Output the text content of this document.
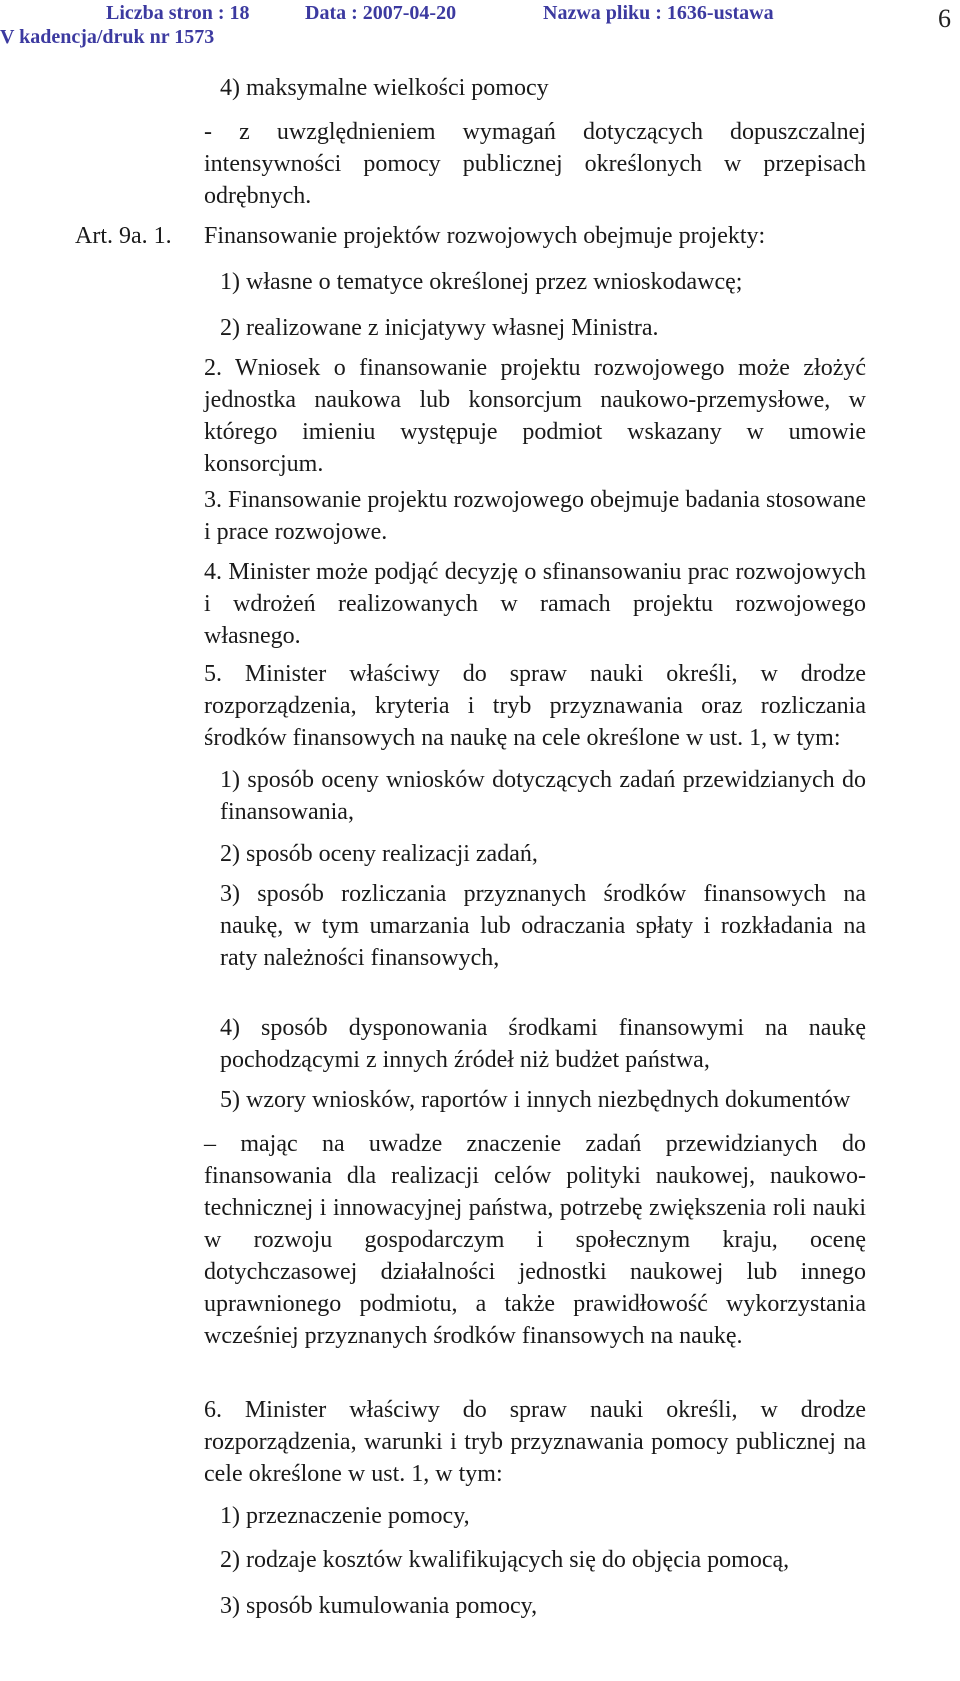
Liczba stron : 18	Data : 2007-04-20	Nazwa pliku : 1636-ustawa
V kadencja/druk nr 1573
6

4) maksymalne wielkości pomocy

- z uwzględnieniem wymagań dotyczących dopuszczalnej intensywności pomocy publicznej określonych w przepisach odrębnych.

Art. 9a. 1. Finansowanie projektów rozwojowych obejmuje projekty:

1) własne o tematyce określonej przez wnioskodawcę;

2) realizowane z inicjatywy własnej Ministra.

2. Wniosek o finansowanie projektu rozwojowego może złożyć jednostka naukowa lub konsorcjum naukowo-przemysłowe, w którego imieniu występuje podmiot wskazany w umowie konsorcjum.

3. Finansowanie projektu rozwojowego obejmuje badania stosowane i prace rozwojowe.

4. Minister może podjąć decyzję o sfinansowaniu prac rozwojowych i wdrożeń realizowanych w ramach projektu rozwojowego własnego.

5. Minister właściwy do spraw nauki określi, w drodze rozporządzenia, kryteria i tryb przyznawania oraz rozliczania środków finansowych na naukę na cele określone w ust. 1, w tym:

1) sposób oceny wniosków dotyczących zadań przewidzianych do finansowania,

2) sposób oceny realizacji zadań,

3) sposób rozliczania przyznanych środków finansowych na naukę, w tym umarzania lub odraczania spłaty i rozkładania na raty należności finansowych,

4) sposób dysponowania środkami finansowymi na naukę pochodzącymi z innych źródeł niż budżet państwa,

5) wzory wniosków, raportów i innych niezbędnych dokumentów

– mając na uwadze znaczenie zadań przewidzianych do finansowania dla realizacji celów polityki naukowej, naukowo-technicznej i innowacyjnej państwa, potrzebę zwiększenia roli nauki w rozwoju gospodarczym i społecznym kraju, ocenę dotychczasowej działalności jednostki naukowej lub innego uprawnionego podmiotu, a także prawidłowość wykorzystania wcześniej przyznanych środków finansowych na naukę.

6. Minister właściwy do spraw nauki określi, w drodze rozporządzenia, warunki i tryb przyznawania pomocy publicznej na cele określone w ust. 1, w tym:

1) przeznaczenie pomocy,

2) rodzaje kosztów kwalifikujących się do objęcia pomocą,

3) sposób kumulowania pomocy,
